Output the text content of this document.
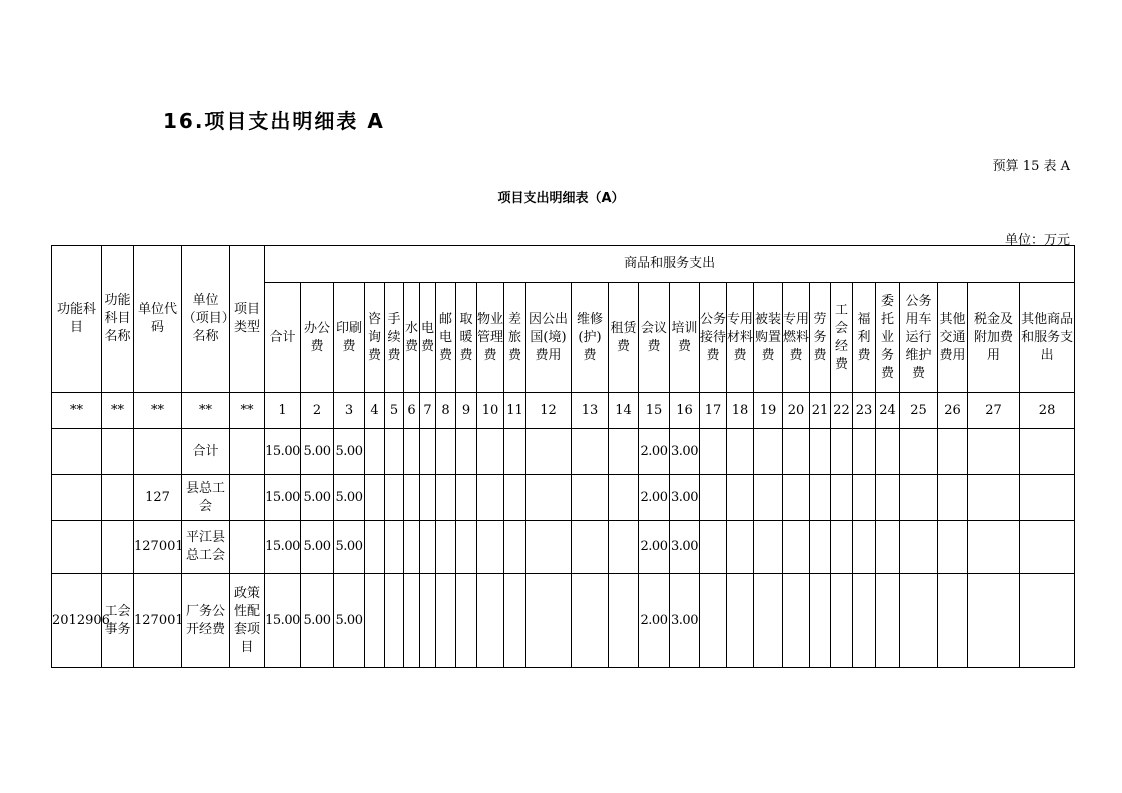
16.项目支出明细表 A
预算 15 表 A
项目支出明细表（A）
单位：万元
功能科目	功能科目名称	单位代码	单位（项目）名称	项目类型	商品和服务支出																											
					合计	办公费	印刷费	咨询费	手续费	水费	电费	邮电费	取暖费	物业管理费	差旅费	因公出国(境)费用	维修(护)费	租赁费	会议费	培训费	公务接待费	专用材料费	被装购置费	专用燃料费	劳务费	工会经费	福利费	委托业务费	公务用车运行维护费	其他交通费用	税金及附加费用	其他商品和服务支出
**	**	**	**	**	1	2	3	4	5	6	7	8	9	10	11	12	13	14	15	16	17	18	19	20	21	22	23	24	25	26	27	28
			合计		15.00	5.00	5.00												2.00	3.00												
		127	县总工会		15.00	5.00	5.00												2.00	3.00												
		127001	平江县总工会		15.00	5.00	5.00												2.00	3.00												
2012906	工会事务	127001	厂务公开经费	政策性配套项目	15.00	5.00	5.00												2.00	3.00												
